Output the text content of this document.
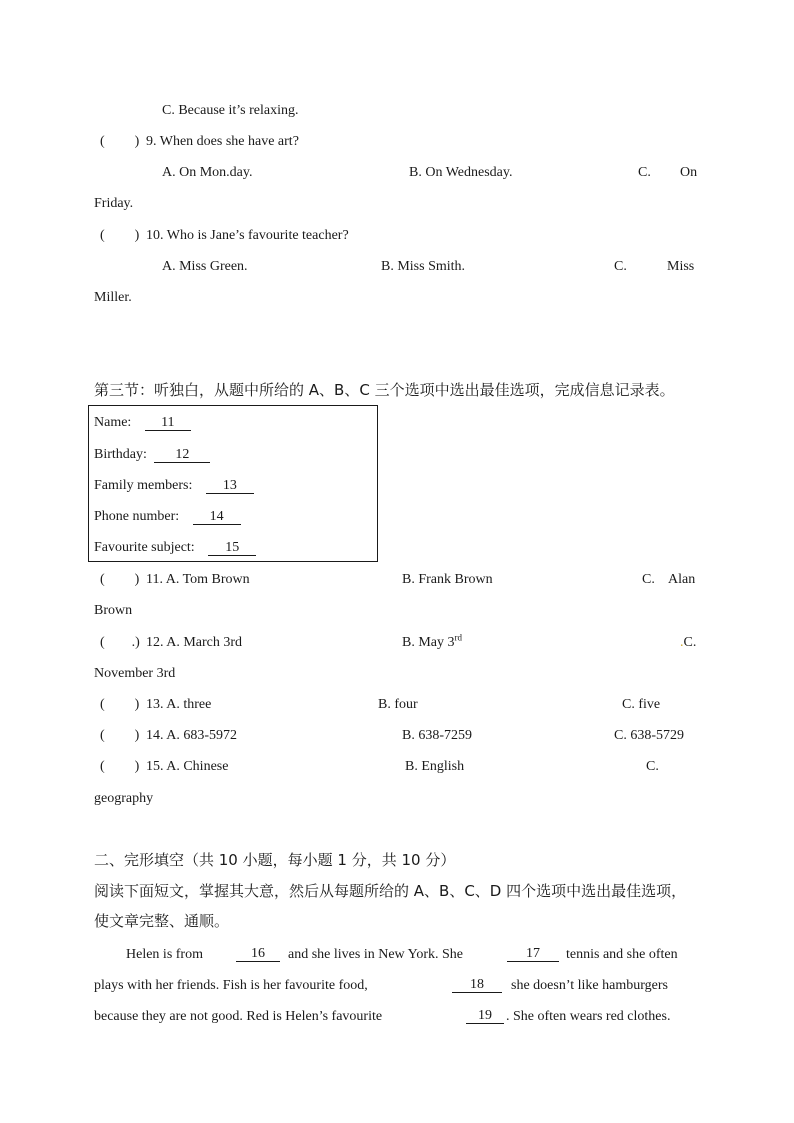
C. Because it’s relaxing.
( ) 9. When does she have art?
A. On Mon.day.	B. On Wednesday.	C. On
Friday.
( ) 10. Who is Jane’s favourite teacher?
A. Miss Green.	B. Miss Smith.	C.	Miss
Miller.
第三节：听独白，从题中所给的 A、B、C 三个选项中选出最佳选项，完成信息记录表。
Name: 11
Birthday: 12
Family members: 13
Phone number: 14
Favourite subject: 15
( ) 11. A. Tom Brown	B. Frank Brown	C. Alan
Brown
( .) 12. A. March 3rd	B. May 3rd	.C.
November 3rd
( ) 13. A. three	B. four	C. five
( ) 14. A. 683-5972	B. 638-7259	C. 638-5729
( ) 15. A. Chinese	B. English	C.
geography
二、完形填空（共 10 小题，每小题 1 分，共 10 分）
阅读下面短文，掌握其大意，然后从每题所给的 A、B、C、D 四个选项中选出最佳选项，
使文章完整、通顺。
Helen is from	16	and she lives in New York. She	17	tennis and she often
plays with her friends. Fish is her favourite food,	18	she doesn’t like hamburgers
because they are not good. Red is Helen’s favourite	19	. She often wears red clothes.
